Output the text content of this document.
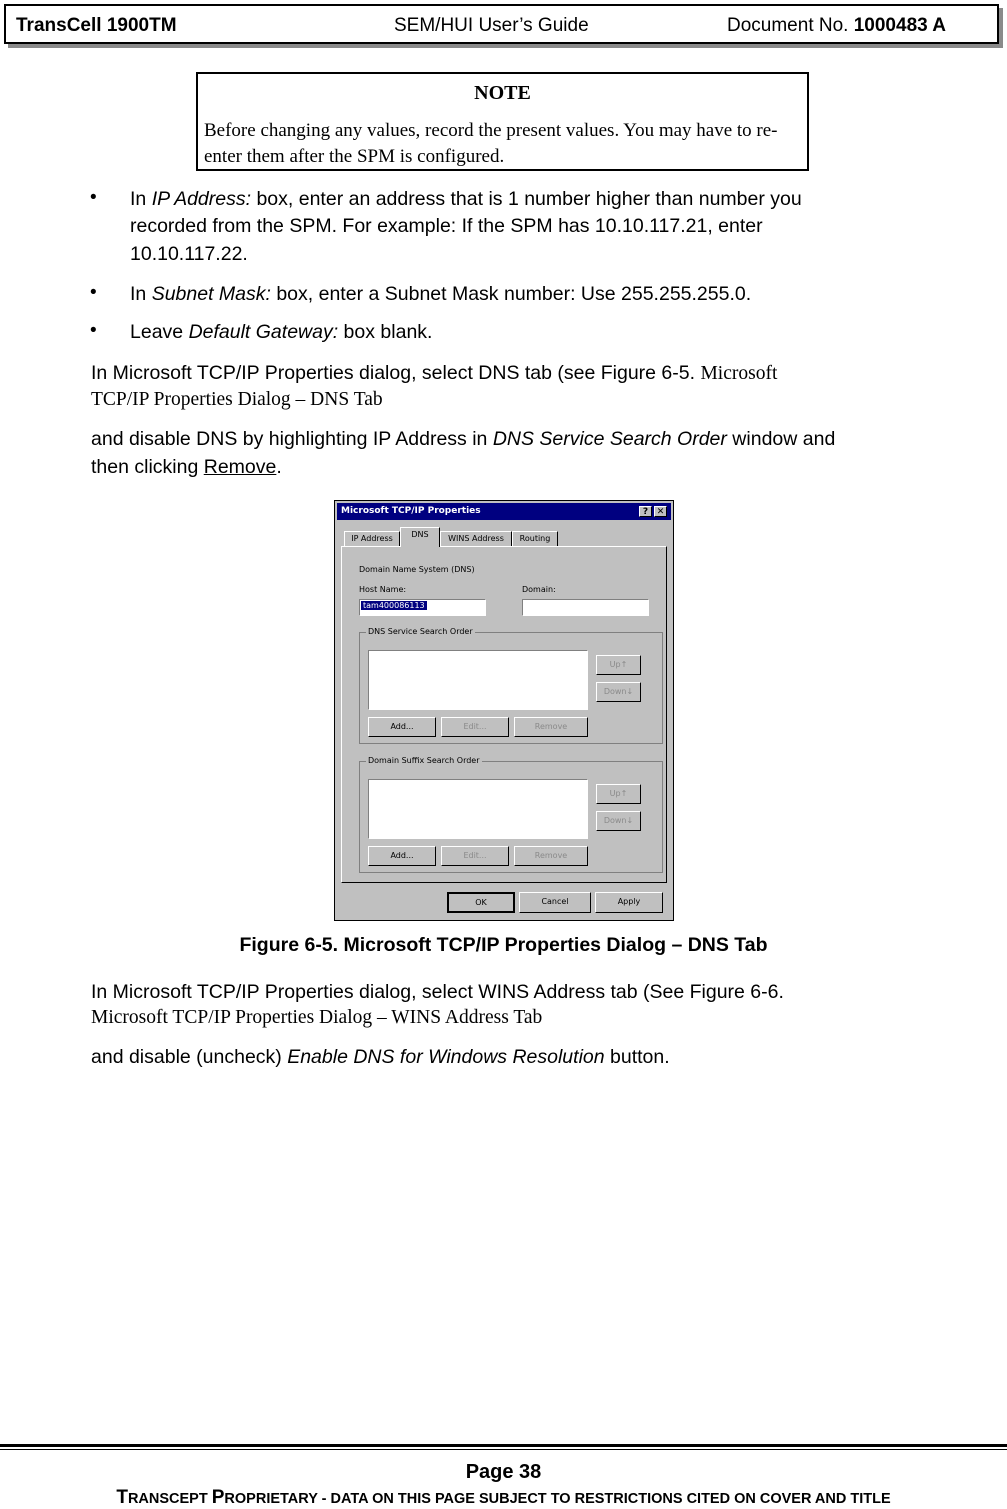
TransCell 1900TM	SEM/HUI User’s Guide	Document No. 1000483 A
NOTE
Before changing any values, record the present values. You may have to re-enter them after the SPM is configured.
• In IP Address: box, enter an address that is 1 number higher than number you
recorded from the SPM. For example: If the SPM has 10.10.117.21, enter
10.10.117.22.
• In Subnet Mask: box, enter a Subnet Mask number: Use 255.255.255.0.
• Leave Default Gateway: box blank.
In Microsoft TCP/IP Properties dialog, select DNS tab (see Figure 6-5. Microsoft
TCP/IP Properties Dialog – DNS Tab
and disable DNS by highlighting IP Address in DNS Service Search Order window and
then clicking Remove.
Microsoft TCP/IP Properties	? ✕
IP Address	DNS	WINS Address	Routing
Domain Name System (DNS)
Host Name:
tam400086113
Domain:
DNS Service Search Order
Up↑
Down↓
Add...	Edit...	Remove
Domain Suffix Search Order
Up↑
Down↓
Add...	Edit...	Remove
OK	Cancel	Apply
Figure 6-5. Microsoft TCP/IP Properties Dialog – DNS Tab
In Microsoft TCP/IP Properties dialog, select WINS Address tab (See Figure 6-6.
Microsoft TCP/IP Properties Dialog – WINS Address Tab
and disable (uncheck) Enable DNS for Windows Resolution button.
Page 38
TRANSCEPT PROPRIETARY - DATA ON THIS PAGE SUBJECT TO RESTRICTIONS CITED ON COVER AND TITLE
